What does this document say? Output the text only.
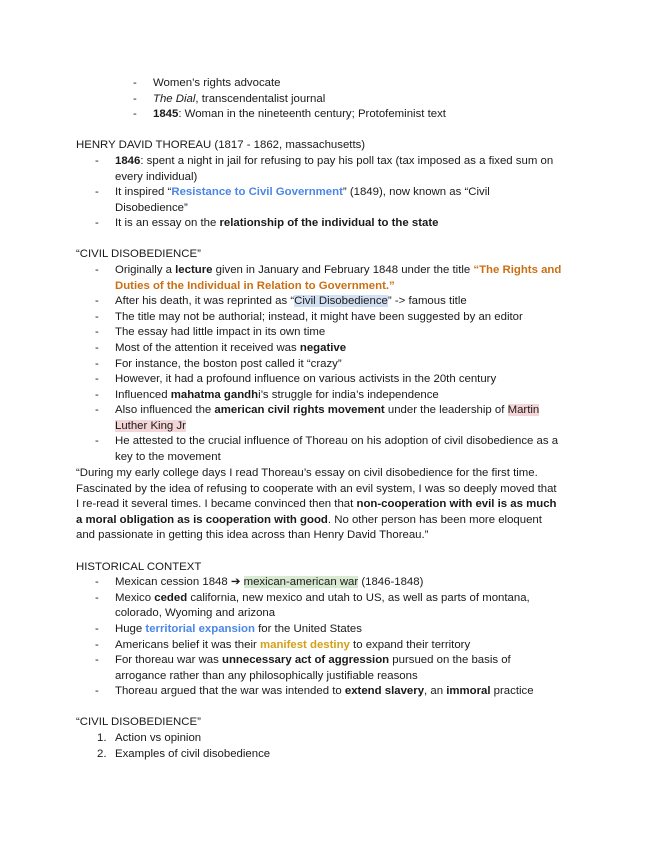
- Women’s rights advocate
- The Dial, transcendentalist journal
- 1845: Woman in the nineteenth century; Protofeminist text
HENRY DAVID THOREAU (1817 - 1862, massachusetts)
- 1846: spent a night in jail for refusing to pay his poll tax (tax imposed as a fixed sum on
every individual)
- It inspired “Resistance to Civil Government” (1849), now known as “Civil
Disobedience”
- It is an essay on the relationship of the individual to the state
“CIVIL DISOBEDIENCE”
- Originally a lecture given in January and February 1848 under the title “The Rights and
Duties of the Individual in Relation to Government.”
- After his death, it was reprinted as “Civil Disobedience” -> famous title
- The title may not be authorial; instead, it might have been suggested by an editor
- The essay had little impact in its own time
- Most of the attention it received was negative
- For instance, the boston post called it “crazy”
- However, it had a profound influence on various activists in the 20th century
- Influenced mahatma gandhi’s struggle for india’s independence
- Also influenced the american civil rights movement under the leadership of Martin
Luther King Jr
- He attested to the crucial influence of Thoreau on his adoption of civil disobedience as a
key to the movement
“During my early college days I read Thoreau’s essay on civil disobedience for the first time.
Fascinated by the idea of refusing to cooperate with an evil system, I was so deeply moved that
I re-read it several times. I became convinced then that non-cooperation with evil is as much
a moral obligation as is cooperation with good. No other person has been more eloquent
and passionate in getting this idea across than Henry David Thoreau.”
HISTORICAL CONTEXT
- Mexican cession 1848 ➔ mexican-american war (1846-1848)
- Mexico ceded california, new mexico and utah to US, as well as parts of montana,
colorado, Wyoming and arizona
- Huge territorial expansion for the United States
- Americans belief it was their manifest destiny to expand their territory
- For thoreau war was unnecessary act of aggression pursued on the basis of
arrogance rather than any philosophically justifiable reasons
- Thoreau argued that the war was intended to extend slavery, an immoral practice
“CIVIL DISOBEDIENCE”
1. Action vs opinion
2. Examples of civil disobedience
